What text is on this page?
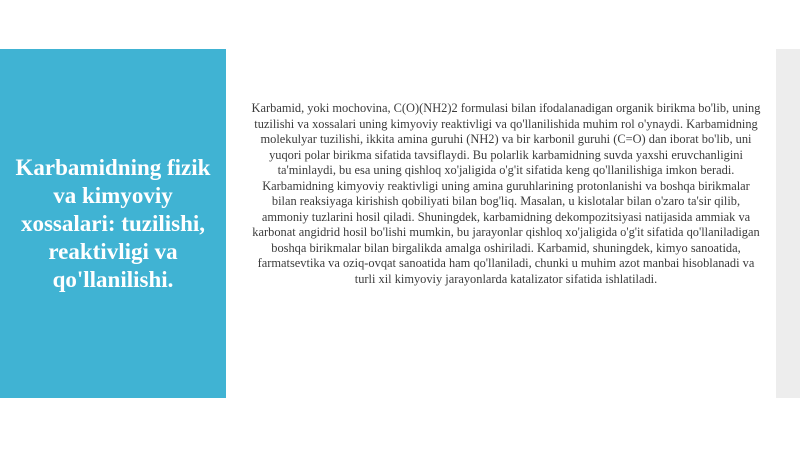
Karbamidning fizik va kimyoviy xossalari: tuzilishi, reaktivligi va qo'llanilishi.

Karbamid, yoki mochovina, C(O)(NH2)2 formulasi bilan ifodalanadigan organik birikma bo'lib, uning tuzilishi va xossalari uning kimyoviy reaktivligi va qo'llanilishida muhim rol o'ynaydi. Karbamidning molekulyar tuzilishi, ikkita amina guruhi (NH2) va bir karbonil guruhi (C=O) dan iborat bo'lib, uni yuqori polar birikma sifatida tavsiflaydi. Bu polarlik karbamidning suvda yaxshi eruvchanligini ta'minlaydi, bu esa uning qishloq xo'jaligida o'g'it sifatida keng qo'llanilishiga imkon beradi. Karbamidning kimyoviy reaktivligi uning amina guruhlarining protonlanishi va boshqa birikmalar bilan reaksiyaga kirishish qobiliyati bilan bog'liq. Masalan, u kislotalar bilan o'zaro ta'sir qilib, ammoniy tuzlarini hosil qiladi. Shuningdek, karbamidning dekompozitsiyasi natijasida ammiak va karbonat angidrid hosil bo'lishi mumkin, bu jarayonlar qishloq xo'jaligida o'g'it sifatida qo'llaniladigan boshqa birikmalar bilan birgalikda amalga oshiriladi. Karbamid, shuningdek, kimyo sanoatida, farmatsevtika va oziq-ovqat sanoatida ham qo'llaniladi, chunki u muhim azot manbai hisoblanadi va turli xil kimyoviy jarayonlarda katalizator sifatida ishlatiladi.
